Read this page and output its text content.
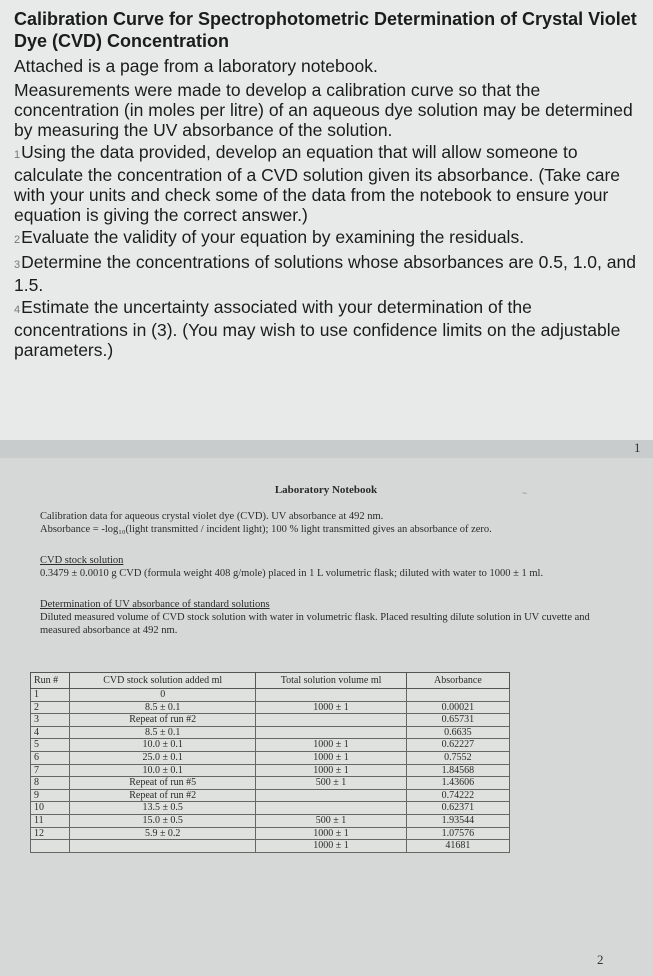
Calibration Curve for Spectrophotometric Determination of Crystal Violet Dye (CVD) Concentration

Attached is a page from a laboratory notebook.

Measurements were made to develop a calibration curve so that the concentration (in moles per litre) of an aqueous dye solution may be determined by measuring the UV absorbance of the solution.

1Using the data provided, develop an equation that will allow someone to calculate the concentration of a CVD solution given its absorbance. (Take care with your units and check some of the data from the notebook to ensure your equation is giving the correct answer.)

2Evaluate the validity of your equation by examining the residuals.

3Determine the concentrations of solutions whose absorbances are 0.5, 1.0, and 1.5.

4Estimate the uncertainty associated with your determination of the concentrations in (3). (You may wish to use confidence limits on the adjustable parameters.)

1
~
Laboratory Notebook

Calibration data for aqueous crystal violet dye (CVD). UV absorbance at 492 nm.

Absorbance = -log₁₀(light transmitted / incident light); 100 % light transmitted gives an absorbance of zero.

CVD stock solution

0.3479 ± 0.0010 g CVD (formula weight 408 g/mole) placed in 1 L volumetric flask; diluted with water to 1000 ± 1 ml.

Determination of UV absorbance of standard solutions

Diluted measured volume of CVD stock solution with water in volumetric flask. Placed resulting dilute solution in UV cuvette and measured absorbance at 492 nm.

Run #	CVD stock solution added ml	Total solution volume ml	Absorbance
1	0		
2	8.5 ± 0.1	1000 ± 1	0.00021
3	Repeat of run #2		0.65731
4	8.5 ± 0.1		0.6635
5	10.0 ± 0.1	1000 ± 1	0.62227
6	25.0 ± 0.1	1000 ± 1	0.7552
7	10.0 ± 0.1	1000 ± 1	1.84568
8	Repeat of run #5	500 ± 1	1.43606
9	Repeat of run #2		0.74222
10	13.5 ± 0.5		0.62371
11	15.0 ± 0.5	500 ± 1	1.93544
12	5.9 ± 0.2	1000 ± 1	1.07576
		1000 ± 1	41681
2
